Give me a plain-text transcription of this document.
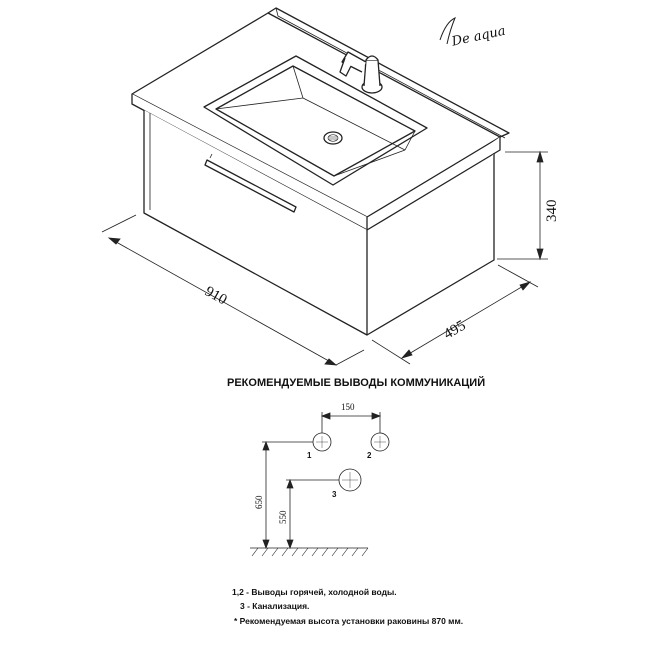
De aqua
910
495
340
РЕКОМЕНДУЕМЫЕ ВЫВОДЫ КОММУНИКАЦИЙ
150
650
550
1	2
3
1,2 - Выводы горячей, холодной воды.
3 - Канализация.
* Рекомендуемая высота установки раковины 870 мм.
